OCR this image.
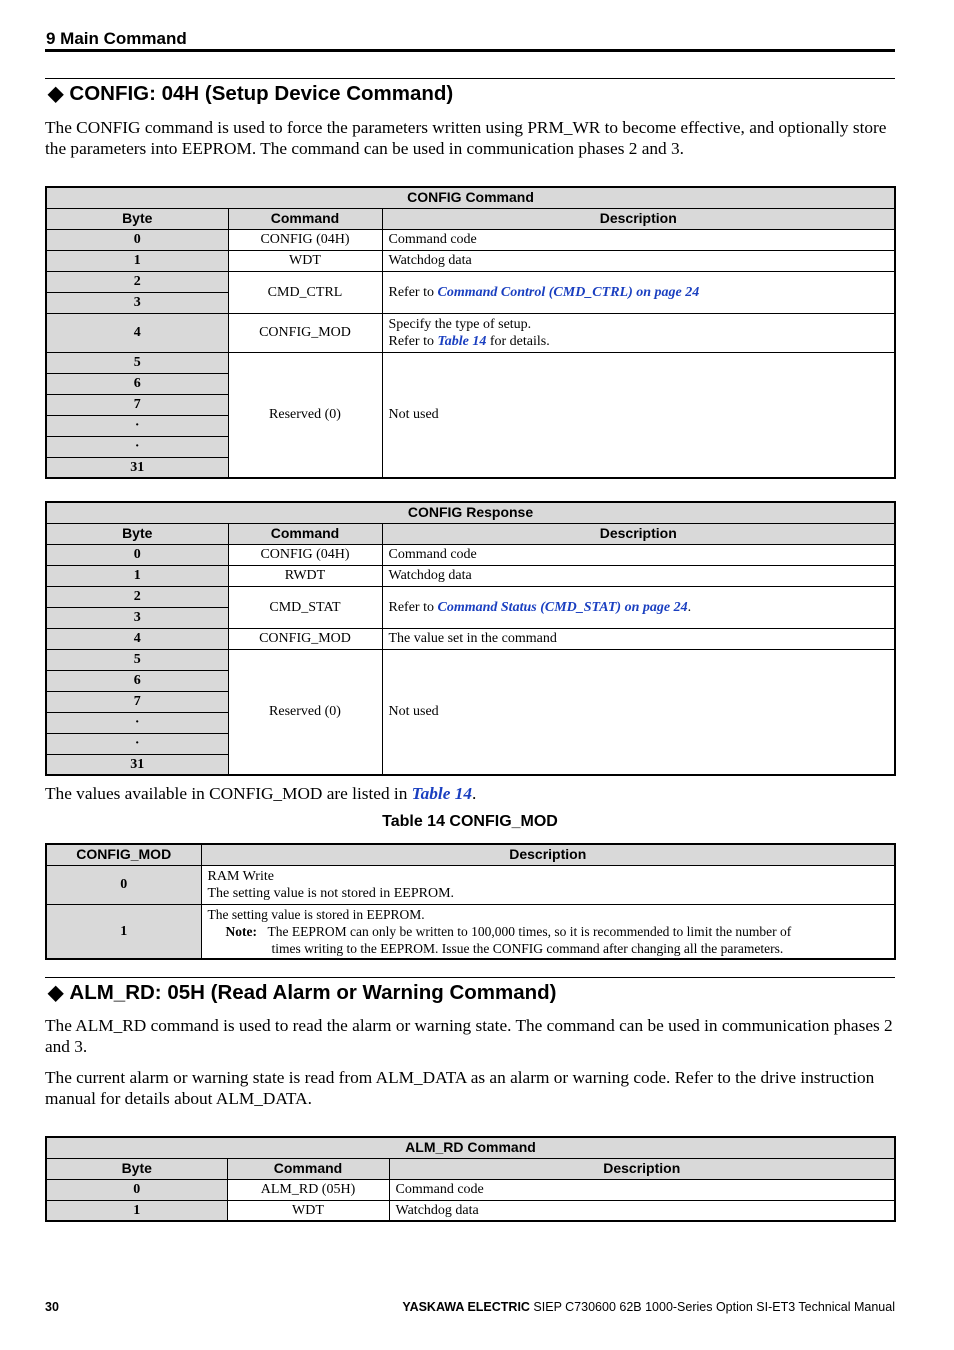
9 Main Command
◆ CONFIG: 04H (Setup Device Command)
The CONFIG command is used to force the parameters written using PRM_WR to become effective, and optionally store the parameters into EEPROM. The command can be used in communication phases 2 and 3.
CONFIG Command		
Byte	Command	Description
0	CONFIG (04H)	Command code
1	WDT	Watchdog data
2	CMD_CTRL	Refer to Command Control (CMD_CTRL) on page 24
3		
4	CONFIG_MOD	Specify the type of setup.
Refer to Table 14 for details.

5	Reserved (0)	Not used
6		
7		
·		
·		
31		
CONFIG Response		
Byte	Command	Description
0	CONFIG (04H)	Command code
1	RWDT	Watchdog data
2	CMD_STAT	Refer to Command Status (CMD_STAT) on page 24.
3		
4	CONFIG_MOD	The value set in the command
5	Reserved (0)	Not used
6		
7		
·		
·		
31		
The values available in CONFIG_MOD are listed in Table 14.
Table 14 CONFIG_MOD
CONFIG_MOD	Description
0	RAM Write
The setting value is not stored in EEPROM.

1	The setting value is stored in EEPROM.
Note: The EEPROM can only be written to 100,000 times, so it is recommended to limit the number of
times writing to the EEPROM. Issue the CONFIG command after changing all the parameters.
◆ ALM_RD: 05H (Read Alarm or Warning Command)
The ALM_RD command is used to read the alarm or warning state. The command can be used in communication phases 2 and 3.
The current alarm or warning state is read from ALM_DATA as an alarm or warning code. Refer to the drive instruction manual for details about ALM_DATA.
ALM_RD Command		
Byte	Command	Description
0	ALM_RD (05H)	Command code
1	WDT	Watchdog data
30	YASKAWA ELECTRIC SIEP C730600 62B 1000-Series Option SI-ET3 Technical Manual
